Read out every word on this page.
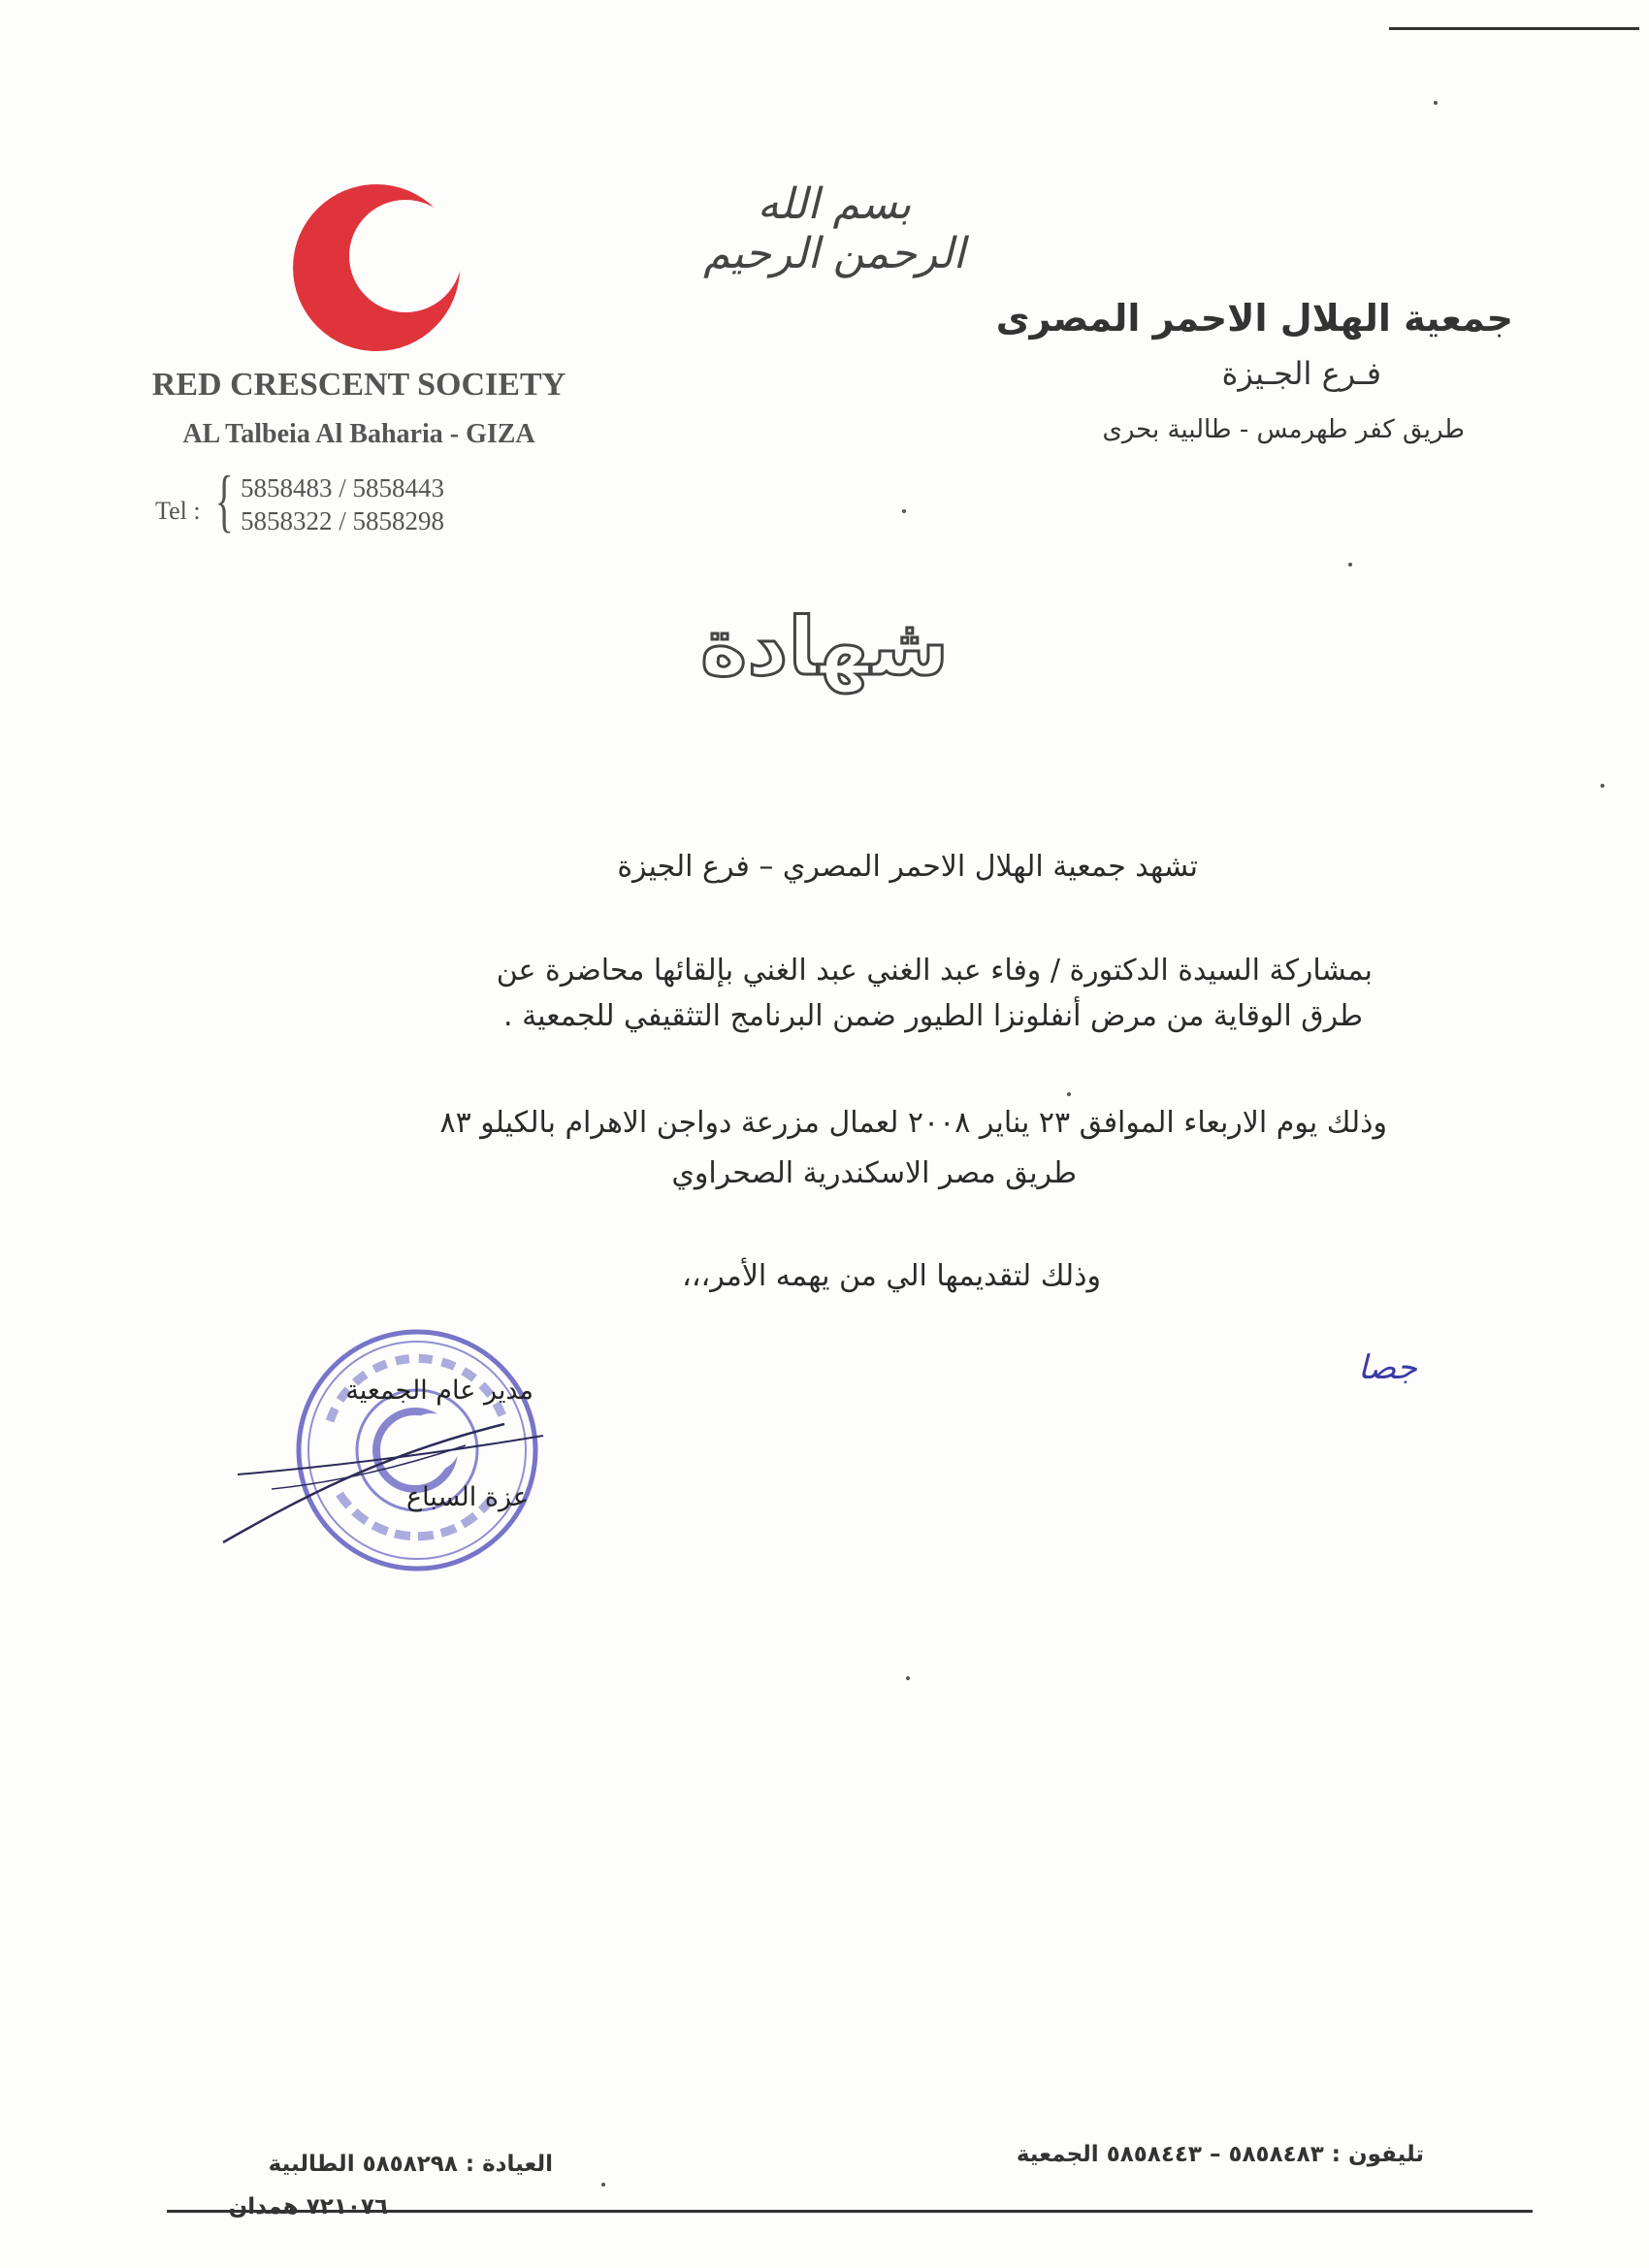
بسم الله الرحمن الرحيم
RED CRESCENT SOCIETY
AL Talbeia Al Baharia - GIZA
Tel : { 5858483 / 5858443
5858322 / 5858298
جمعية الهلال الاحمر المصرى
فـرع الجـيزة
طريق كفر طهرمس - طالبية بحرى
شهادة
تشهد جمعية الهلال الاحمر المصري – فرع الجيزة
بمشاركة السيدة الدكتورة / وفاء عبد الغني عبد الغني بإلقائها محاضرة عن
طرق الوقاية من مرض أنفلونزا الطيور ضمن البرنامج التثقيفي للجمعية .
وذلك يوم الاربعاء الموافق ٢٣ يناير ٢٠٠٨ لعمال مزرعة دواجن الاهرام بالكيلو ٨٣
طريق مصر الاسكندرية الصحراوي
وذلك لتقديمها الي من يهمه الأمر،،،
جصا
مدير عام الجمعية
عزة السباع
تليفون : ٥٨٥٨٤٨٣ – ٥٨٥٨٤٤٣ الجمعية
العيادة : ٥٨٥٨٢٩٨ الطالبية
٧٢١٠٧٦ همدان
